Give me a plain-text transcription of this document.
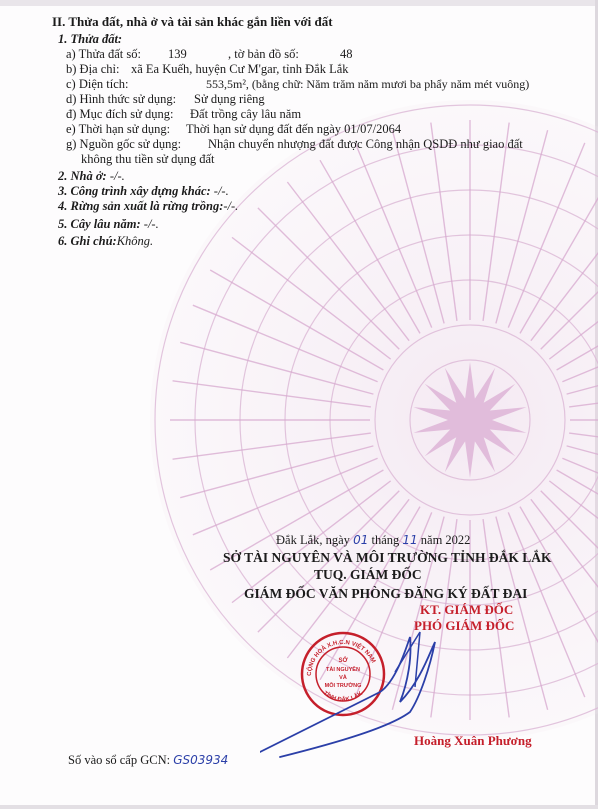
II. Thửa đất, nhà ở và tài sản khác gắn liền với đất
1. Thửa đất:
a) Thửa đất số: 139	, tờ bản đồ số:	48
b) Địa chỉ: xã Ea Kuếh, huyện Cư M'gar, tỉnh Đắk Lắk
c) Diện tích:	553,5m², (bằng chữ: Năm trăm năm mươi ba phẩy năm mét vuông)
d) Hình thức sử dụng: Sử dụng riêng
đ) Mục đích sử dụng: Đất trồng cây lâu năm
e) Thời hạn sử dụng: Thời hạn sử dụng đất đến ngày 01/07/2064
g) Nguồn gốc sử dụng: Nhận chuyển nhượng đất được Công nhận QSDĐ như giao đất
không thu tiền sử dụng đất
2. Nhà ở: -/-.
3. Công trình xây dựng khác: -/-.
4. Rừng sản xuất là rừng trồng:-/-.
5. Cây lâu năm: -/-.
6. Ghi chú:Không.
Đắk Lắk, ngày 01 tháng 11 năm 2022
SỞ TÀI NGUYÊN VÀ MÔI TRƯỜNG TỈNH ĐẮK LẮK
TUQ. GIÁM ĐỐC
GIÁM ĐỐC VĂN PHÒNG ĐĂNG KÝ ĐẤT ĐAI
KT. GIÁM ĐỐC
PHÓ GIÁM ĐỐC
CỘNG HOÀ X.H.C.N VIỆT NAM
TỈNH ĐẮK LẮK
SỞ
TÀI NGUYÊN
VÀ
MÔI TRƯỜNG
Hoàng Xuân Phương
Số vào sổ cấp GCN: GS03934
